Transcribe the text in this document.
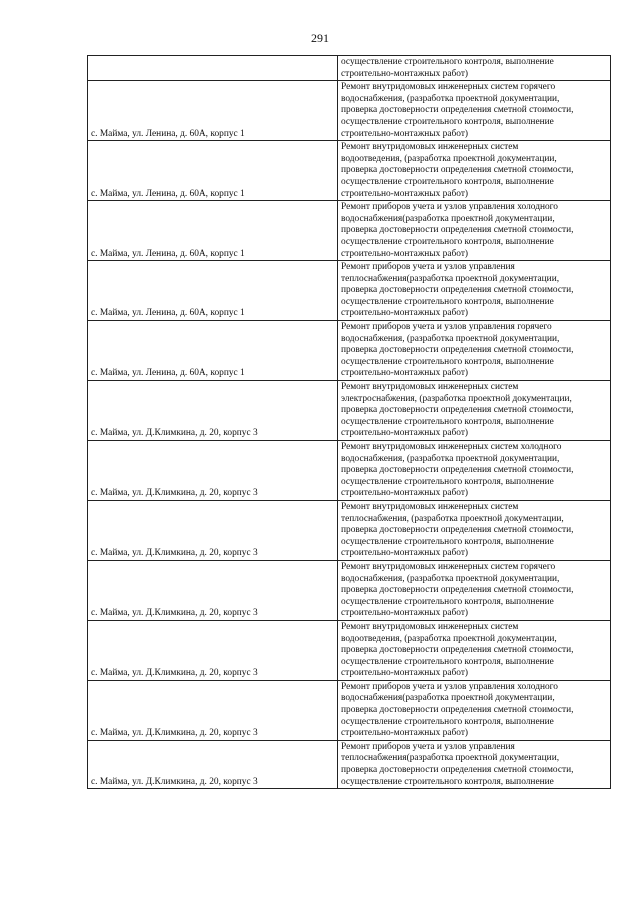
291

	осуществление строительного контроля, выполнение
строительно-монтажных работ)

с. Майма, ул. Ленина, д. 60А, корпус 1	Ремонт внутридомовых инженерных систем горячего
водоснабжения, (разработка проектной документации,
проверка достоверности определения сметной стоимости,
осуществление строительного контроля, выполнение
строительно-монтажных работ)

с. Майма, ул. Ленина, д. 60А, корпус 1	Ремонт внутридомовых инженерных систем
водоотведения, (разработка проектной документации,
проверка достоверности определения сметной стоимости,
осуществление строительного контроля, выполнение
строительно-монтажных работ)

с. Майма, ул. Ленина, д. 60А, корпус 1	Ремонт приборов учета и узлов управления холодного
водоснабжения(разработка проектной документации,
проверка достоверности определения сметной стоимости,
осуществление строительного контроля, выполнение
строительно-монтажных работ)

с. Майма, ул. Ленина, д. 60А, корпус 1	Ремонт приборов учета и узлов управления
теплоснабжения(разработка проектной документации,
проверка достоверности определения сметной стоимости,
осуществление строительного контроля, выполнение
строительно-монтажных работ)

с. Майма, ул. Ленина, д. 60А, корпус 1	Ремонт приборов учета и узлов управления горячего
водоснабжения, (разработка проектной документации,
проверка достоверности определения сметной стоимости,
осуществление строительного контроля, выполнение
строительно-монтажных работ)

с. Майма, ул. Д.Климкина, д. 20, корпус 3	Ремонт внутридомовых инженерных систем
электроснабжения, (разработка проектной документации,
проверка достоверности определения сметной стоимости,
осуществление строительного контроля, выполнение
строительно-монтажных работ)

с. Майма, ул. Д.Климкина, д. 20, корпус 3	Ремонт внутридомовых инженерных систем холодного
водоснабжения, (разработка проектной документации,
проверка достоверности определения сметной стоимости,
осуществление строительного контроля, выполнение
строительно-монтажных работ)

с. Майма, ул. Д.Климкина, д. 20, корпус 3	Ремонт внутридомовых инженерных систем
теплоснабжения, (разработка проектной документации,
проверка достоверности определения сметной стоимости,
осуществление строительного контроля, выполнение
строительно-монтажных работ)

с. Майма, ул. Д.Климкина, д. 20, корпус 3	Ремонт внутридомовых инженерных систем горячего
водоснабжения, (разработка проектной документации,
проверка достоверности определения сметной стоимости,
осуществление строительного контроля, выполнение
строительно-монтажных работ)

с. Майма, ул. Д.Климкина, д. 20, корпус 3	Ремонт внутридомовых инженерных систем
водоотведения, (разработка проектной документации,
проверка достоверности определения сметной стоимости,
осуществление строительного контроля, выполнение
строительно-монтажных работ)

с. Майма, ул. Д.Климкина, д. 20, корпус 3	Ремонт приборов учета и узлов управления холодного
водоснабжения(разработка проектной документации,
проверка достоверности определения сметной стоимости,
осуществление строительного контроля, выполнение
строительно-монтажных работ)

с. Майма, ул. Д.Климкина, д. 20, корпус 3	Ремонт приборов учета и узлов управления
теплоснабжения(разработка проектной документации,
проверка достоверности определения сметной стоимости,
осуществление строительного контроля, выполнение
